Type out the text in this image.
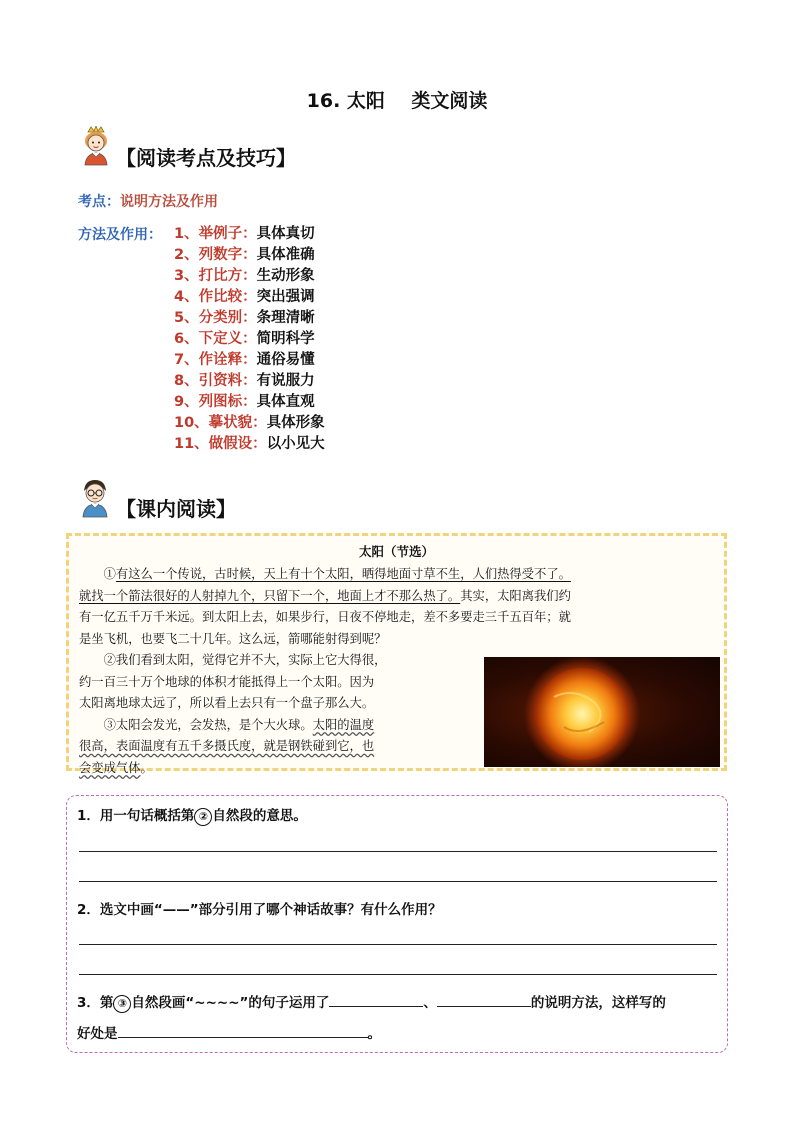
16. 太阳    类文阅读
【阅读考点及技巧】
考点：说明方法及作用
方法及作用： 1、举例子：具体真切
2、列数字：具体准确
3、打比方：生动形象
4、作比较：突出强调
5、分类别：条理清晰
6、下定义：简明科学
7、作诠释：通俗易懂
8、引资料：有说服力
9、列图标：具体直观
10、摹状貌：具体形象
11、做假设：以小见大
【课内阅读】
太阳（节选）
　　①有这么一个传说，古时候，天上有十个太阳，晒得地面寸草不生，人们热得受不了。
就找一个箭法很好的人射掉九个，只留下一个，地面上才不那么热了。其实，太阳离我们约
有一亿五千万千米远。到太阳上去，如果步行，日夜不停地走，差不多要走三千五百年；就
是坐飞机，也要飞二十几年。这么远，箭哪能射得到呢？
　　②我们看到太阳，觉得它并不大，实际上它大得很，
约一百三十万个地球的体积才能抵得上一个太阳。因为
太阳离地球太远了，所以看上去只有一个盘子那么大。
　　③太阳会发光，会发热，是个大火球。太阳的温度
很高，表面温度有五千多摄氏度，就是钢铁碰到它，也
会变成气体。
1．用一句话概括第 ② 自然段的意思。
2．选文中画“——”部分引用了哪个神话故事？有什么作用？
3．第 ③ 自然段画“~~~~”的句子运用了	、	的说明方法，这样写的
好处是	。
